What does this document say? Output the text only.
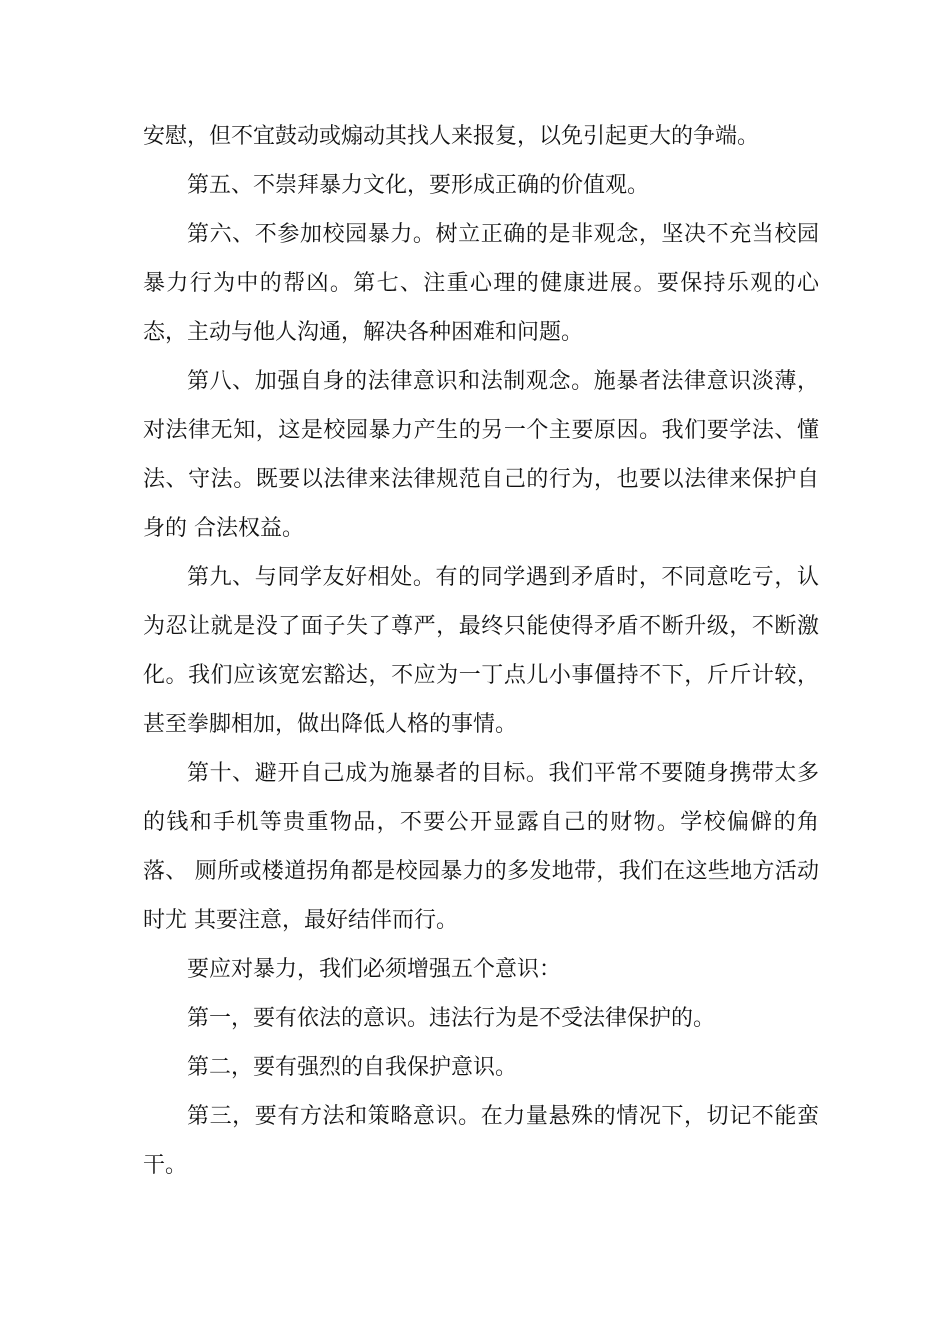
安慰，但不宜鼓动或煽动其找人来报复，以免引起更大的争端。

第五、不崇拜暴力文化，要形成正确的价值观。

第六、不参加校园暴力。树立正确的是非观念，坚决不充当校园 暴力行为中的帮凶。第七、注重心理的健康进展。要保持乐观的心 态，主动与他人沟通，解决各种困难和问题。

第八、加强自身的法律意识和法制观念。施暴者法律意识淡薄， 对法律无知，这是校园暴力产生的另一个主要原因。我们要学法、懂 法、守法。既要以法律来法律规范自己的行为，也要以法律来保护自身的 合法权益。

第九、与同学友好相处。有的同学遇到矛盾时，不同意吃亏，认 为忍让就是没了面子失了尊严，最终只能使得矛盾不断升级，不断激 化。我们应该宽宏豁达，不应为一丁点儿小事僵持不下，斤斤计较， 甚至拳脚相加，做出降低人格的事情。

第十、避开自己成为施暴者的目标。我们平常不要随身携带太多 的钱和手机等贵重物品，不要公开显露自己的财物。学校偏僻的角落、 厕所或楼道拐角都是校园暴力的多发地带，我们在这些地方活动时尤 其要注意，最好结伴而行。

要应对暴力，我们必须增强五个意识：

第一，要有依法的意识。违法行为是不受法律保护的。

第二，要有强烈的自我保护意识。

第三，要有方法和策略意识。在力量悬殊的情况下，切记不能蛮干。
